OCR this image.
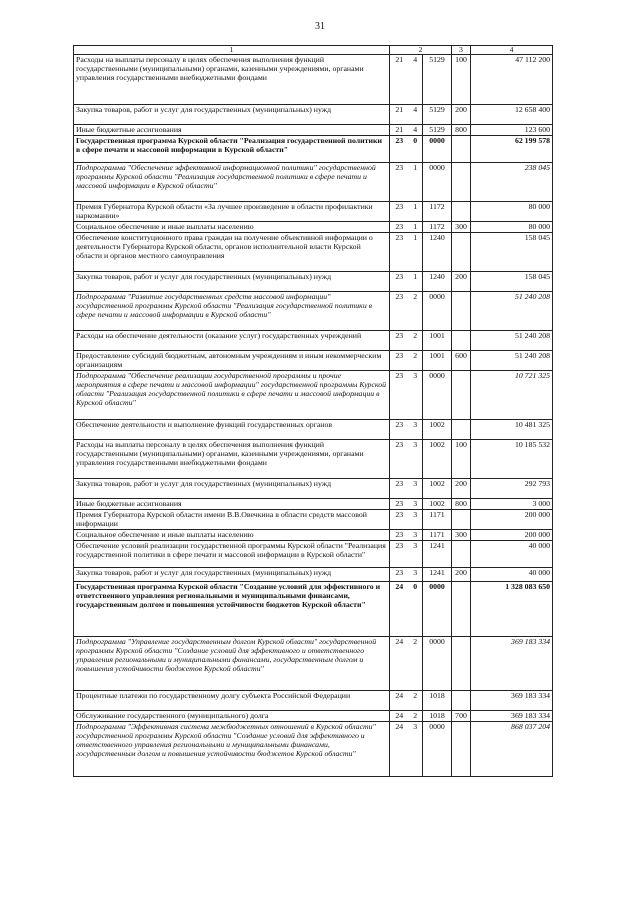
31
1	2			3	4
Расходы на выплаты персоналу в целях обеспечения выполнения функций государственными (муниципальными) органами, казенными учреждениями, органами управления государственными внебюджетными фондами	21	4	5129	100	47 112 200
Закупка товаров, работ и услуг для государственных (муниципальных) нужд	21	4	5129	200	12 658 400
Иные бюджетные ассигнования	21	4	5129	800	123 600
Государственная программа Курской области "Реализация государственной политики в сфере печати и массовой информации в Курской области"	23	0	0000		62 199 578
Подпрограмма "Обеспечение эффективной информационной политики" государственной программы Курской области "Реализация государственной политики в сфере печати и массовой информации в Курской области"	23	1	0000		238 045
Премия Губернатора Курской области «За лучшее произведение в области профилактики наркомании»	23	1	1172		80 000
Социальное обеспечение и иные выплаты населению	23	1	1172	300	80 000
Обеспечение конституционного права граждан на получение объективной информации о деятельности Губернатора Курской области, органов исполнительной власти Курской области и органов местного самоуправления	23	1	1240		158 045
Закупка товаров, работ и услуг для государственных (муниципальных) нужд	23	1	1240	200	158 045
Подпрограмма "Развитие государственных средств массовой информации" государственной программы Курской области "Реализация государственной политики в сфере печати и массовой информации в Курской области"	23	2	0000		51 240 208
Расходы на обеспечение деятельности (оказание услуг) государственных учреждений	23	2	1001		51 240 208
Предоставление субсидий бюджетным, автономным учреждениям и иным некоммерческим организациям	23	2	1001	600	51 240 208
Подпрограмма "Обеспечение реализации государственной программы и прочие мероприятия в сфере печати и массовой информации" государственной программы Курской области "Реализация государственной политики в сфере печати и массовой информации в Курской области"	23	3	0000		10 721 325
Обеспечение деятельности и выполнение функций государственных органов	23	3	1002		10 481 325
Расходы на выплаты персоналу в целях обеспечения выполнения функций государственными (муниципальными) органами, казенными учреждениями, органами управления государственными внебюджетными фондами	23	3	1002	100	10 185 532
Закупка товаров, работ и услуг для государственных (муниципальных) нужд	23	3	1002	200	292 793
Иные бюджетные ассигнования	23	3	1002	800	3 000
Премия Губернатора Курской области имени В.В.Овечкина в области средств массовой информации	23	3	1171		200 000
Социальное обеспечение и иные выплаты населению	23	3	1171	300	200 000
Обеспечение условий реализации государственной программы Курской области "Реализация государственной политики в сфере печати и массовой информации в Курской области"	23	3	1241		40 000
Закупка товаров, работ и услуг для государственных (муниципальных) нужд	23	3	1241	200	40 000
Государственная программа Курской области "Создание условий для эффективного и ответственного управления региональными и муниципальными финансами, государственным долгом и повышения устойчивости бюджетов Курской области"	24	0	0000		1 328 083 650
Подпрограмма "Управление государственным долгом Курской области" государственной программы Курской области "Создание условий для эффективного и ответственного управления региональными и муниципальными финансами, государственным долгом и повышения устойчивости бюджетов Курской области"	24	2	0000		369 183 334
Процентные платежи по государственному долгу субъекта Российской Федерации	24	2	1018		369 183 334
Обслуживание государственного (муниципального) долга	24	2	1018	700	369 183 334
Подпрограмма "Эффективная система межбюджетных отношений в Курской области" государственной программы Курской области "Создание условий для эффективного и ответственного управления региональными и муниципальными финансами, государственным долгом и повышения устойчивости бюджетов Курской области"	24	3	0000		868 037 204
